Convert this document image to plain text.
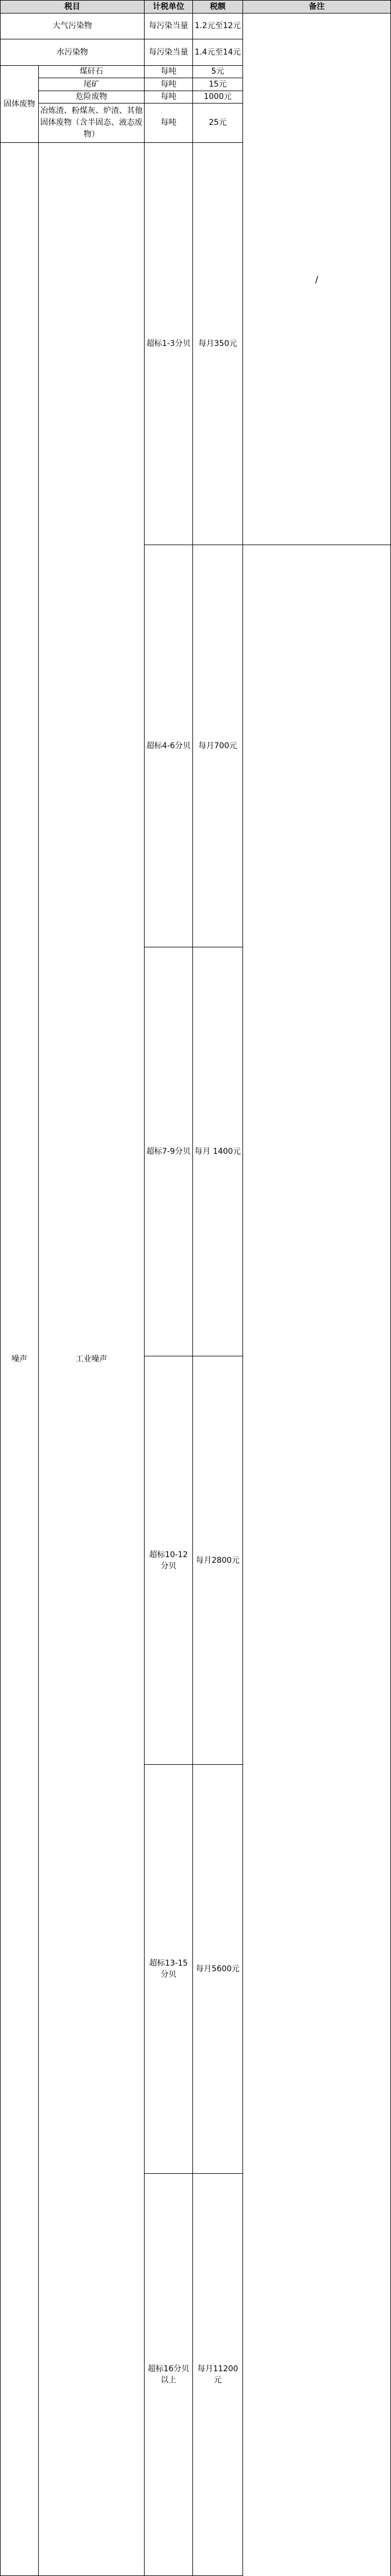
税目		计税单位	税额	备注	
大气污染物		每污染当量	1.2元至12元	/	
水污染物		每污染当量	1.4元至14元		
固体废物	煤矸石	每吨	5元		
	尾矿	每吨	15元		
	危险废物	每吨	1000元		
	冶炼渣、粉煤灰、炉渣、其他固体废物（含半固态、液态废物）	每吨	25元		
噪声	工业噪声	超标1-3分贝	每月350元	

		超标4-6分贝	每月700元		
		超标7-9分贝	每月 1400元		
		超标10-12分贝	每月2800元		
		超标13-15分贝	每月5600元		
		超标16分贝以上	每月11200元		
